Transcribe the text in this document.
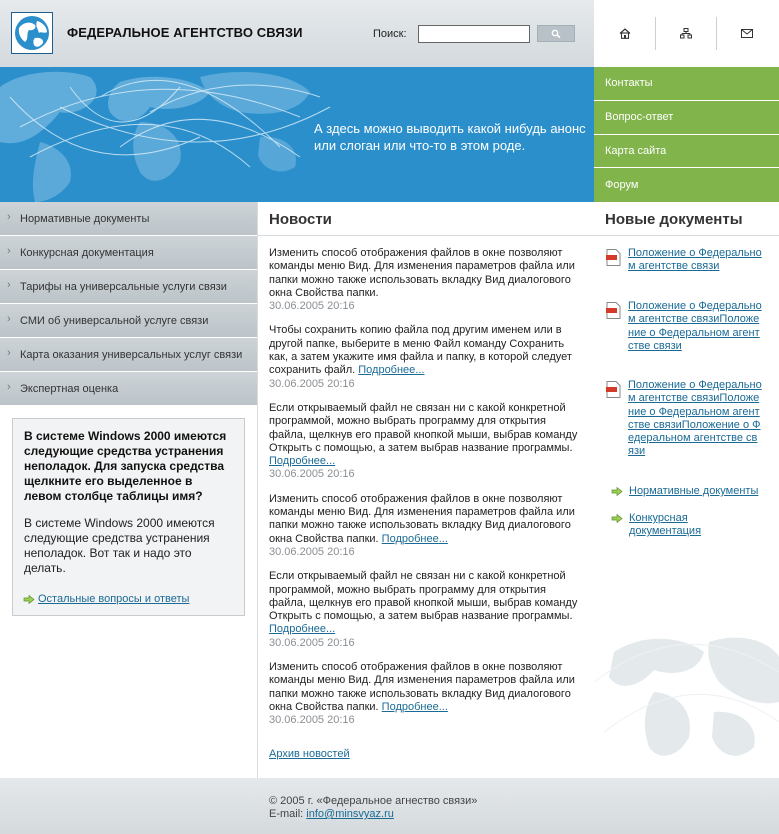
ФЕДЕРАЛЬНОЕ АГЕНТСТВО СВЯЗИ	Поиск:
А здесь можно выводить какой нибудь анонс или слоган или что-то в этом роде.
Контакты
Вопрос-ответ
Карта сайта
Форум
› Нормативные документы
› Конкурсная документация
› Тарифы на универсальные услуги связи
› СМИ об универсальной услуге связи
› Карта оказания универсальных услуг связи
› Экспертная оценка
В системе Windows 2000 имеются следующие средства устранения неполадок. Для запуска средства щелкните его выделенное в левом столбце таблицы имя?
В системе Windows 2000 имеются следующие средства устранения неполадок. Вот так и надо это делать.
Остальные вопросы и ответы
Новости
Изменить способ отображения файлов в окне позволяют команды меню Вид. Для изменения параметров файла или папки можно также использовать вкладку Вид диалогового окна Свойства папки.
30.06.2005 20:16
Чтобы сохранить копию файла под другим именем или в другой папке, выберите в меню Файл команду Сохранить как, а затем укажите имя файла и папку, в которой следует сохранить файл. Подробнее...
30.06.2005 20:16
Если открываемый файл не связан ни с какой конкретной программой, можно выбрать программу для открытия файла, щелкнув его правой кнопкой мыши, выбрав команду Открыть с помощью, а затем выбрав название программы. Подробнее...
30.06.2005 20:16
Изменить способ отображения файлов в окне позволяют команды меню Вид. Для изменения параметров файла или папки можно также использовать вкладку Вид диалогового окна Свойства папки. Подробнее...
30.06.2005 20:16
Если открываемый файл не связан ни с какой конкретной программой, можно выбрать программу для открытия файла, щелкнув его правой кнопкой мыши, выбрав команду Открыть с помощью, а затем выбрав название программы. Подробнее...
30.06.2005 20:16
Изменить способ отображения файлов в окне позволяют команды меню Вид. Для изменения параметров файла или папки можно также использовать вкладку Вид диалогового окна Свойства папки. Подробнее...
30.06.2005 20:16
Архив новостей
Новые документы
Положение о Федеральном агентстве связи
Положение о Федеральном агентстве связиПоложение о Федеральном агентстве связи
Положение о Федеральном агентстве связиПоложение о Федеральном агентстве связиПоложение о Федеральном агентстве связи
Нормативные документы
Конкурсная документация
© 2005 г. «Федеральное агнество связи»
E-mail: info@minsvyaz.ru
